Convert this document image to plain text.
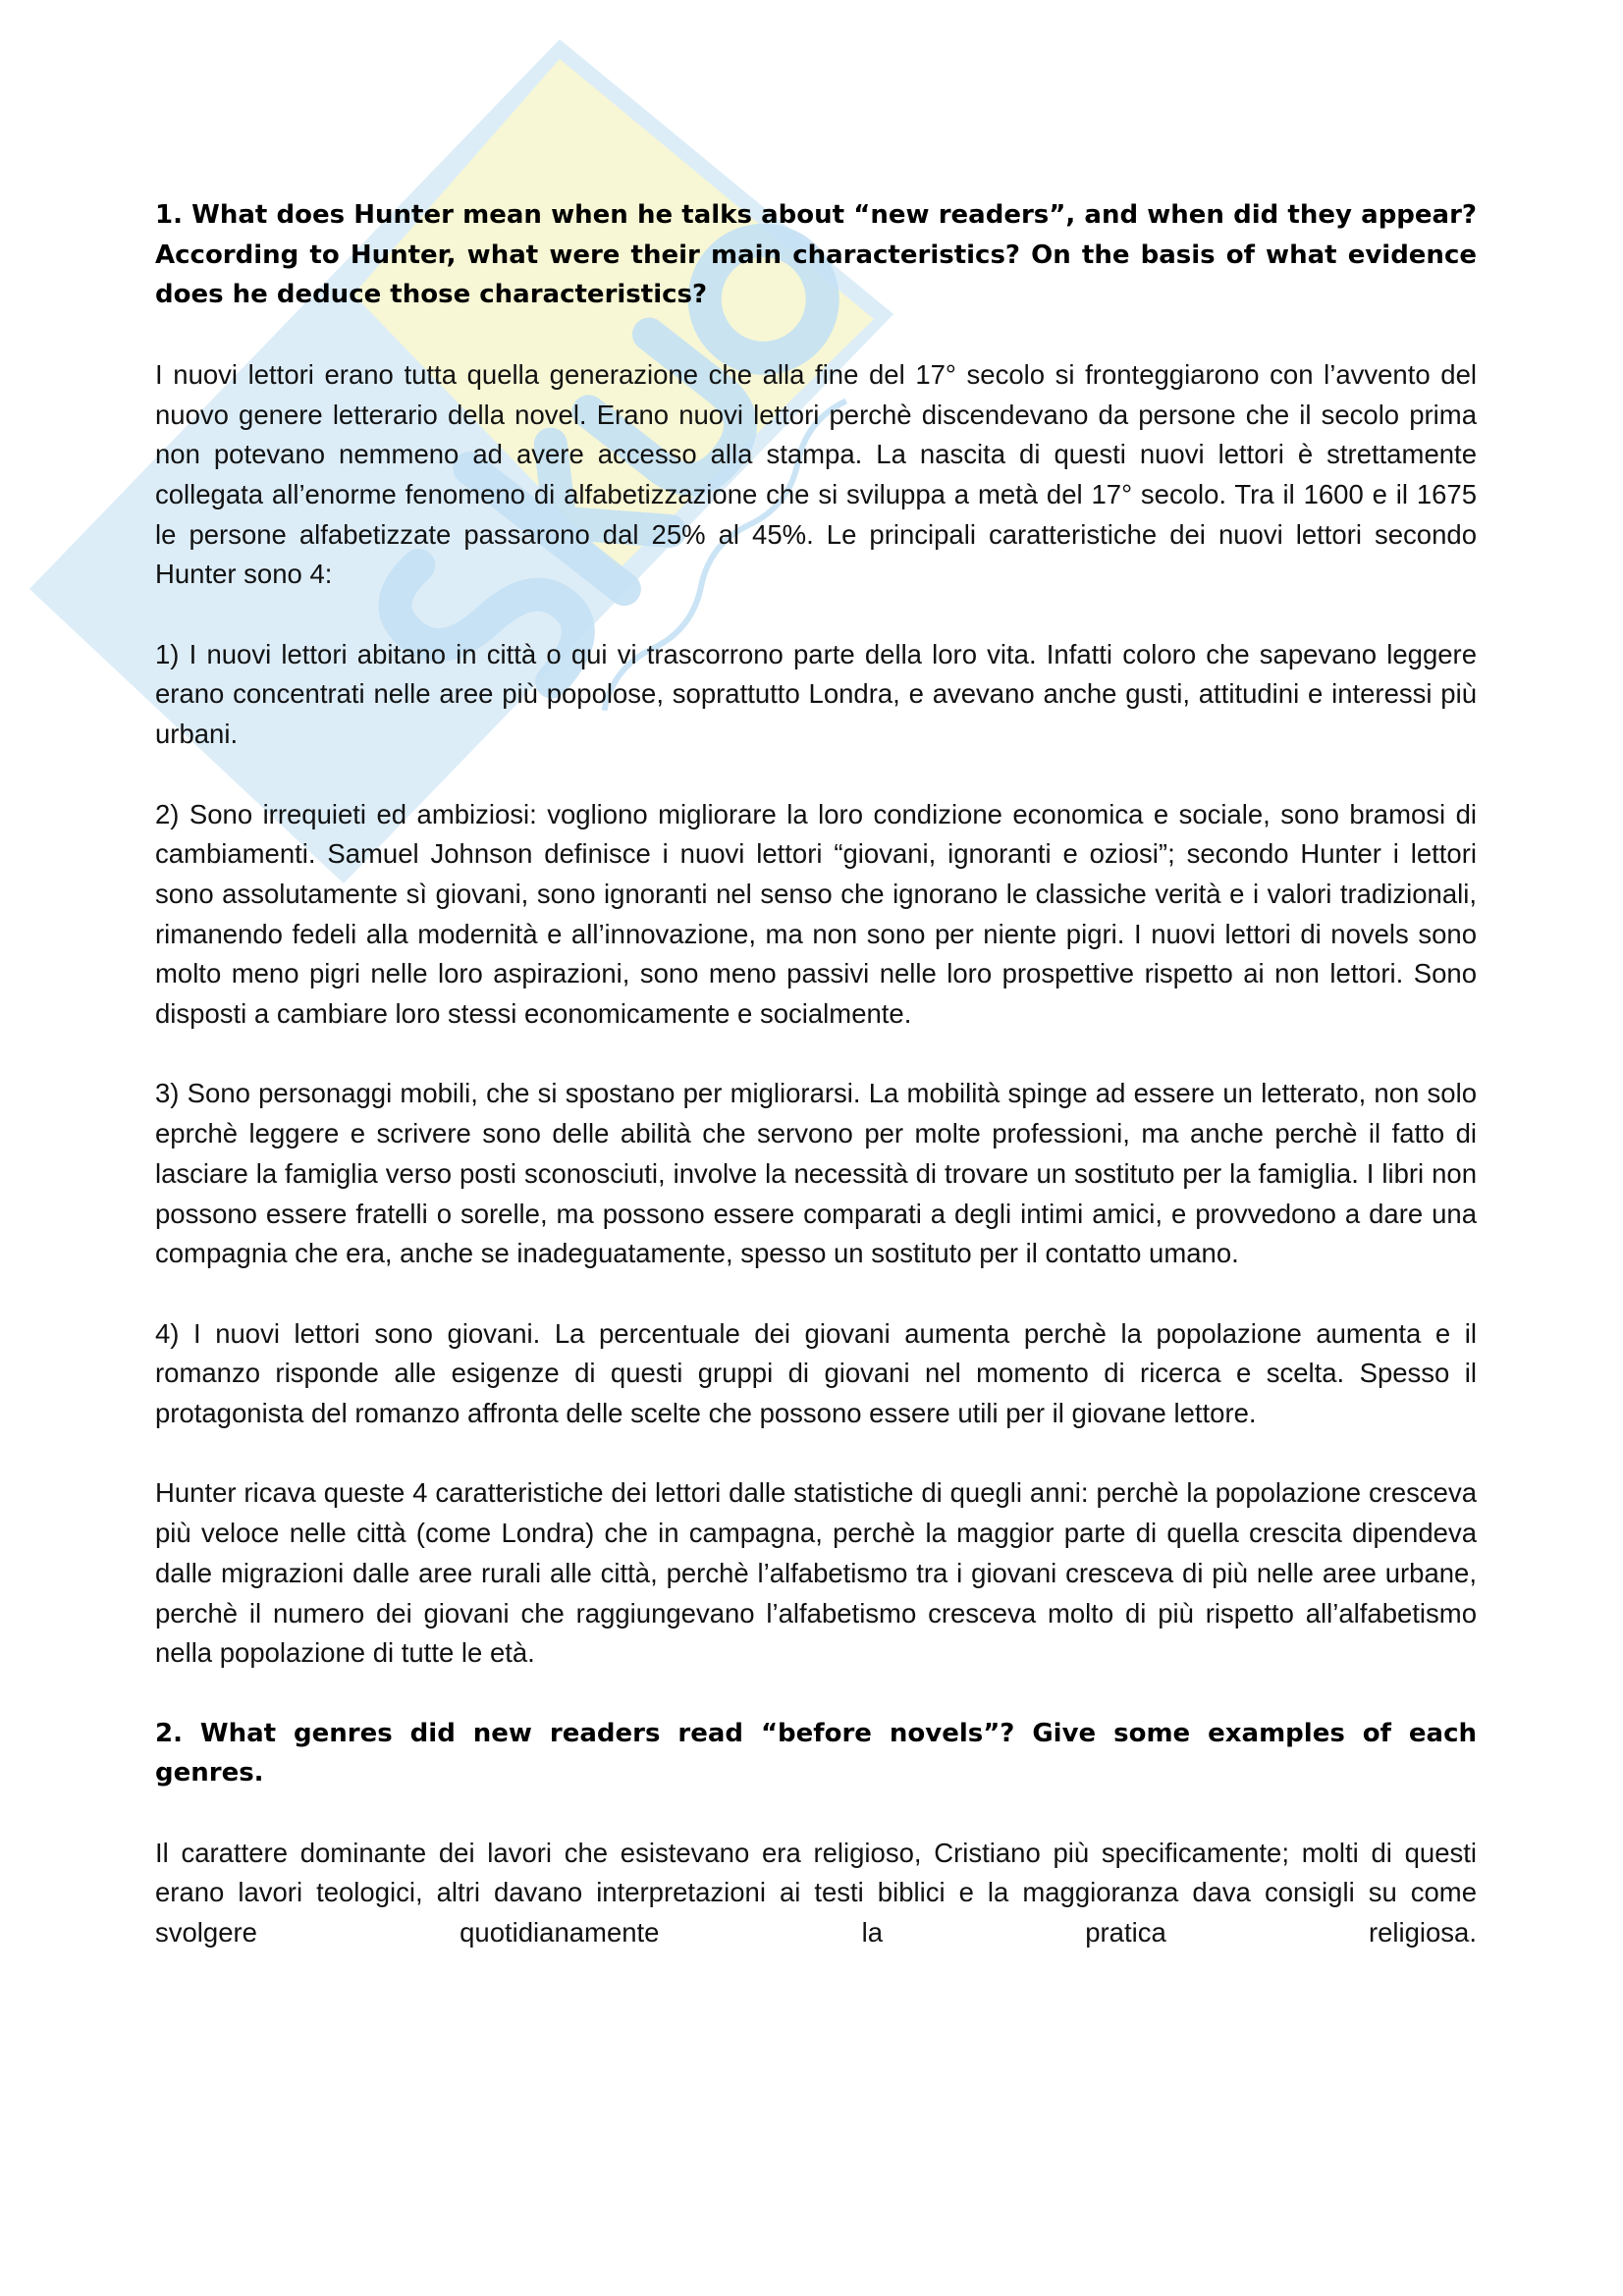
1. What does Hunter mean when he talks about “new readers”, and when did they appear? According to Hunter, what were their main characteristics? On the basis of what evidence does he deduce those characteristics?

I nuovi lettori erano tutta quella generazione che alla fine del 17° secolo si fronteggiarono con l’avvento del nuovo genere letterario della novel. Erano nuovi lettori perchè discendevano da persone che il secolo prima non potevano nemmeno ad avere accesso alla stampa. La nascita di questi nuovi lettori è strettamente collegata all’enorme fenomeno di alfabetizzazione che si sviluppa a metà del 17° secolo. Tra il 1600 e il 1675 le persone alfabetizzate passarono dal 25% al 45%. Le principali caratteristiche dei nuovi lettori secondo Hunter sono 4:

1) I nuovi lettori abitano in città o qui vi trascorrono parte della loro vita. Infatti coloro che sapevano leggere erano concentrati nelle aree più popolose, soprattutto Londra, e avevano anche gusti, attitudini e interessi più urbani.

2) Sono irrequieti ed ambiziosi: vogliono migliorare la loro condizione economica e sociale, sono bramosi di cambiamenti. Samuel Johnson definisce i nuovi lettori “giovani, ignoranti e oziosi”; secondo Hunter i lettori sono assolutamente sì giovani, sono ignoranti nel senso che ignorano le classiche verità e i valori tradizionali, rimanendo fedeli alla modernità e all’innovazione, ma non sono per niente pigri. I nuovi lettori di novels sono molto meno pigri nelle loro aspirazioni, sono meno passivi nelle loro prospettive rispetto ai non lettori. Sono disposti a cambiare loro stessi economicamente e socialmente.

3) Sono personaggi mobili, che si spostano per migliorarsi. La mobilità spinge ad essere un letterato, non solo eprchè leggere e scrivere sono delle abilità che servono per molte professioni, ma anche perchè il fatto di lasciare la famiglia verso posti sconosciuti, involve la necessità di trovare un sostituto per la famiglia. I libri non possono essere fratelli o sorelle, ma possono essere comparati a degli intimi amici, e provvedono a dare una compagnia che era, anche se inadeguatamente, spesso un sostituto per il contatto umano.

4) I nuovi lettori sono giovani. La percentuale dei giovani aumenta perchè la popolazione aumenta e il romanzo risponde alle esigenze di questi gruppi di giovani nel momento di ricerca e scelta. Spesso il protagonista del romanzo affronta delle scelte che possono essere utili per il giovane lettore.

Hunter ricava queste 4 caratteristiche dei lettori dalle statistiche di quegli anni: perchè la popolazione cresceva più veloce nelle città (come Londra) che in campagna, perchè la maggior parte di quella crescita dipendeva dalle migrazioni dalle aree rurali alle città, perchè l’alfabetismo tra i giovani cresceva di più nelle aree urbane, perchè il numero dei giovani che raggiungevano l’alfabetismo cresceva molto di più rispetto all’alfabetismo nella popolazione di tutte le età.

2. What genres did new readers read “before novels”? Give some examples of each genres.

Il carattere dominante dei lavori che esistevano era religioso, Cristiano più specificamente; molti di questi erano lavori teologici, altri davano interpretazioni ai testi biblici e la maggioranza dava consigli su come svolgere quotidianamente la pratica religiosa.
